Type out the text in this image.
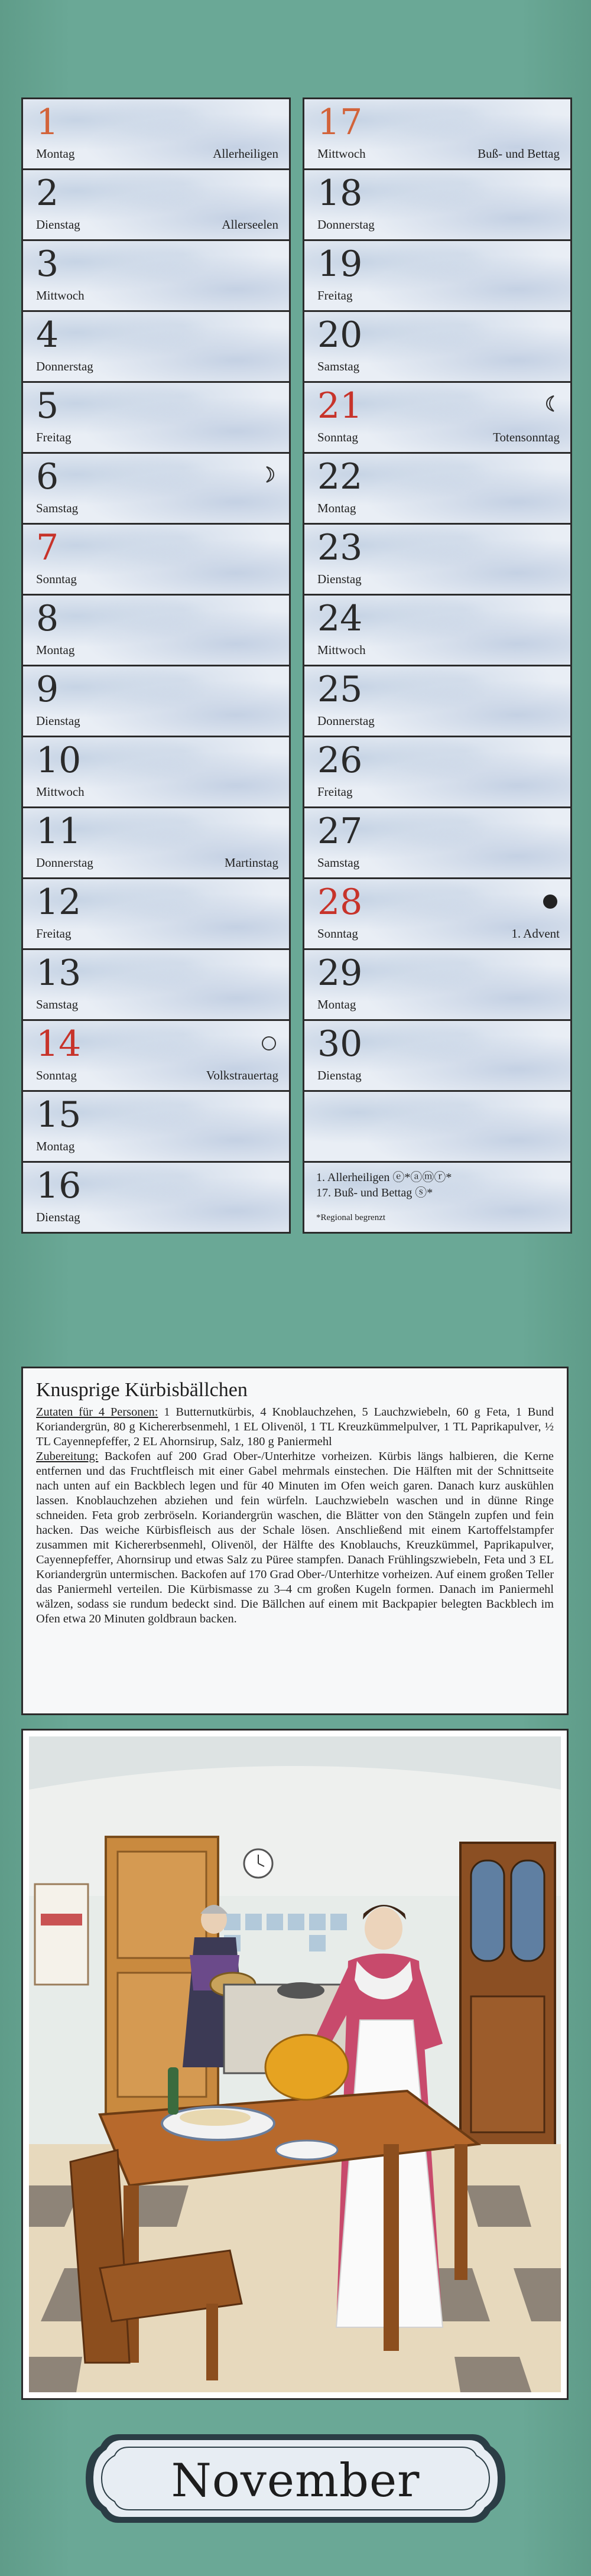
1
Montag	Allerheiligen
2
Dienstag	Allerseelen
3
Mittwoch
4
Donnerstag
5
Freitag
6
Samstag
7
Sonntag
8
Montag
9
Dienstag
10
Mittwoch
11
Donnerstag	Martinstag
12
Freitag
13
Samstag
14
Sonntag	Volkstrauertag
15
Montag
16
Dienstag
17
Mittwoch	Buß- und Bettag
18
Donnerstag
19
Freitag
20
Samstag
21
Sonntag	Totensonntag
22
Montag
23
Dienstag
24
Mittwoch
25
Donnerstag
26
Freitag
27
Samstag
28
Sonntag	1. Advent
29
Montag
30
Dienstag
1. Allerheiligen ⓔ*ⓐⓜⓡ*
17. Buß- und Bettag ⓢ*
*Regional begrenzt
Knusprige Kürbisbällchen

Zutaten für 4 Personen: 1 Butternutkürbis, 4 Knoblauchzehen, 5 Lauchzwiebeln, 60 g Feta, 1 Bund Koriandergrün, 80 g Kichererbsenmehl, 1 EL Olivenöl, 1 TL Kreuzkümmelpulver, 1 TL Paprikapulver, ½ TL Cayennepfeffer, 2 EL Ahornsirup, Salz, 180 g Paniermehl

Zubereitung: Backofen auf 200 Grad Ober-/Unterhitze vorheizen. Kürbis längs halbieren, die Kerne entfernen und das Fruchtfleisch mit einer Gabel mehrmals einstechen. Die Hälften mit der Schnittseite nach unten auf ein Backblech legen und für 40 Minuten im Ofen weich garen. Danach kurz auskühlen lassen. Knoblauchzehen abziehen und fein würfeln. Lauchzwiebeln waschen und in dünne Ringe schneiden. Feta grob zerbröseln. Koriandergrün waschen, die Blätter von den Stängeln zupfen und fein hacken. Das weiche Kürbisfleisch aus der Schale lösen. Anschließend mit einem Kartoffelstampfer zusammen mit Kichererbsenmehl, Olivenöl, der Hälfte des Knoblauchs, Kreuzkümmel, Paprikapulver, Cayennepfeffer, Ahornsirup und etwas Salz zu Püree stampfen. Danach Frühlingszwiebeln, Feta und 3 EL Koriandergrün untermischen. Backofen auf 170 Grad Ober-/Unterhitze vorheizen. Auf einem großen Teller das Paniermehl verteilen. Die Kürbismasse zu 3–4 cm großen Kugeln formen. Danach im Paniermehl wälzen, sodass sie rundum bedeckt sind. Die Bällchen auf einem mit Backpapier belegten Backblech im Ofen etwa 20 Minuten goldbraun backen.

November
